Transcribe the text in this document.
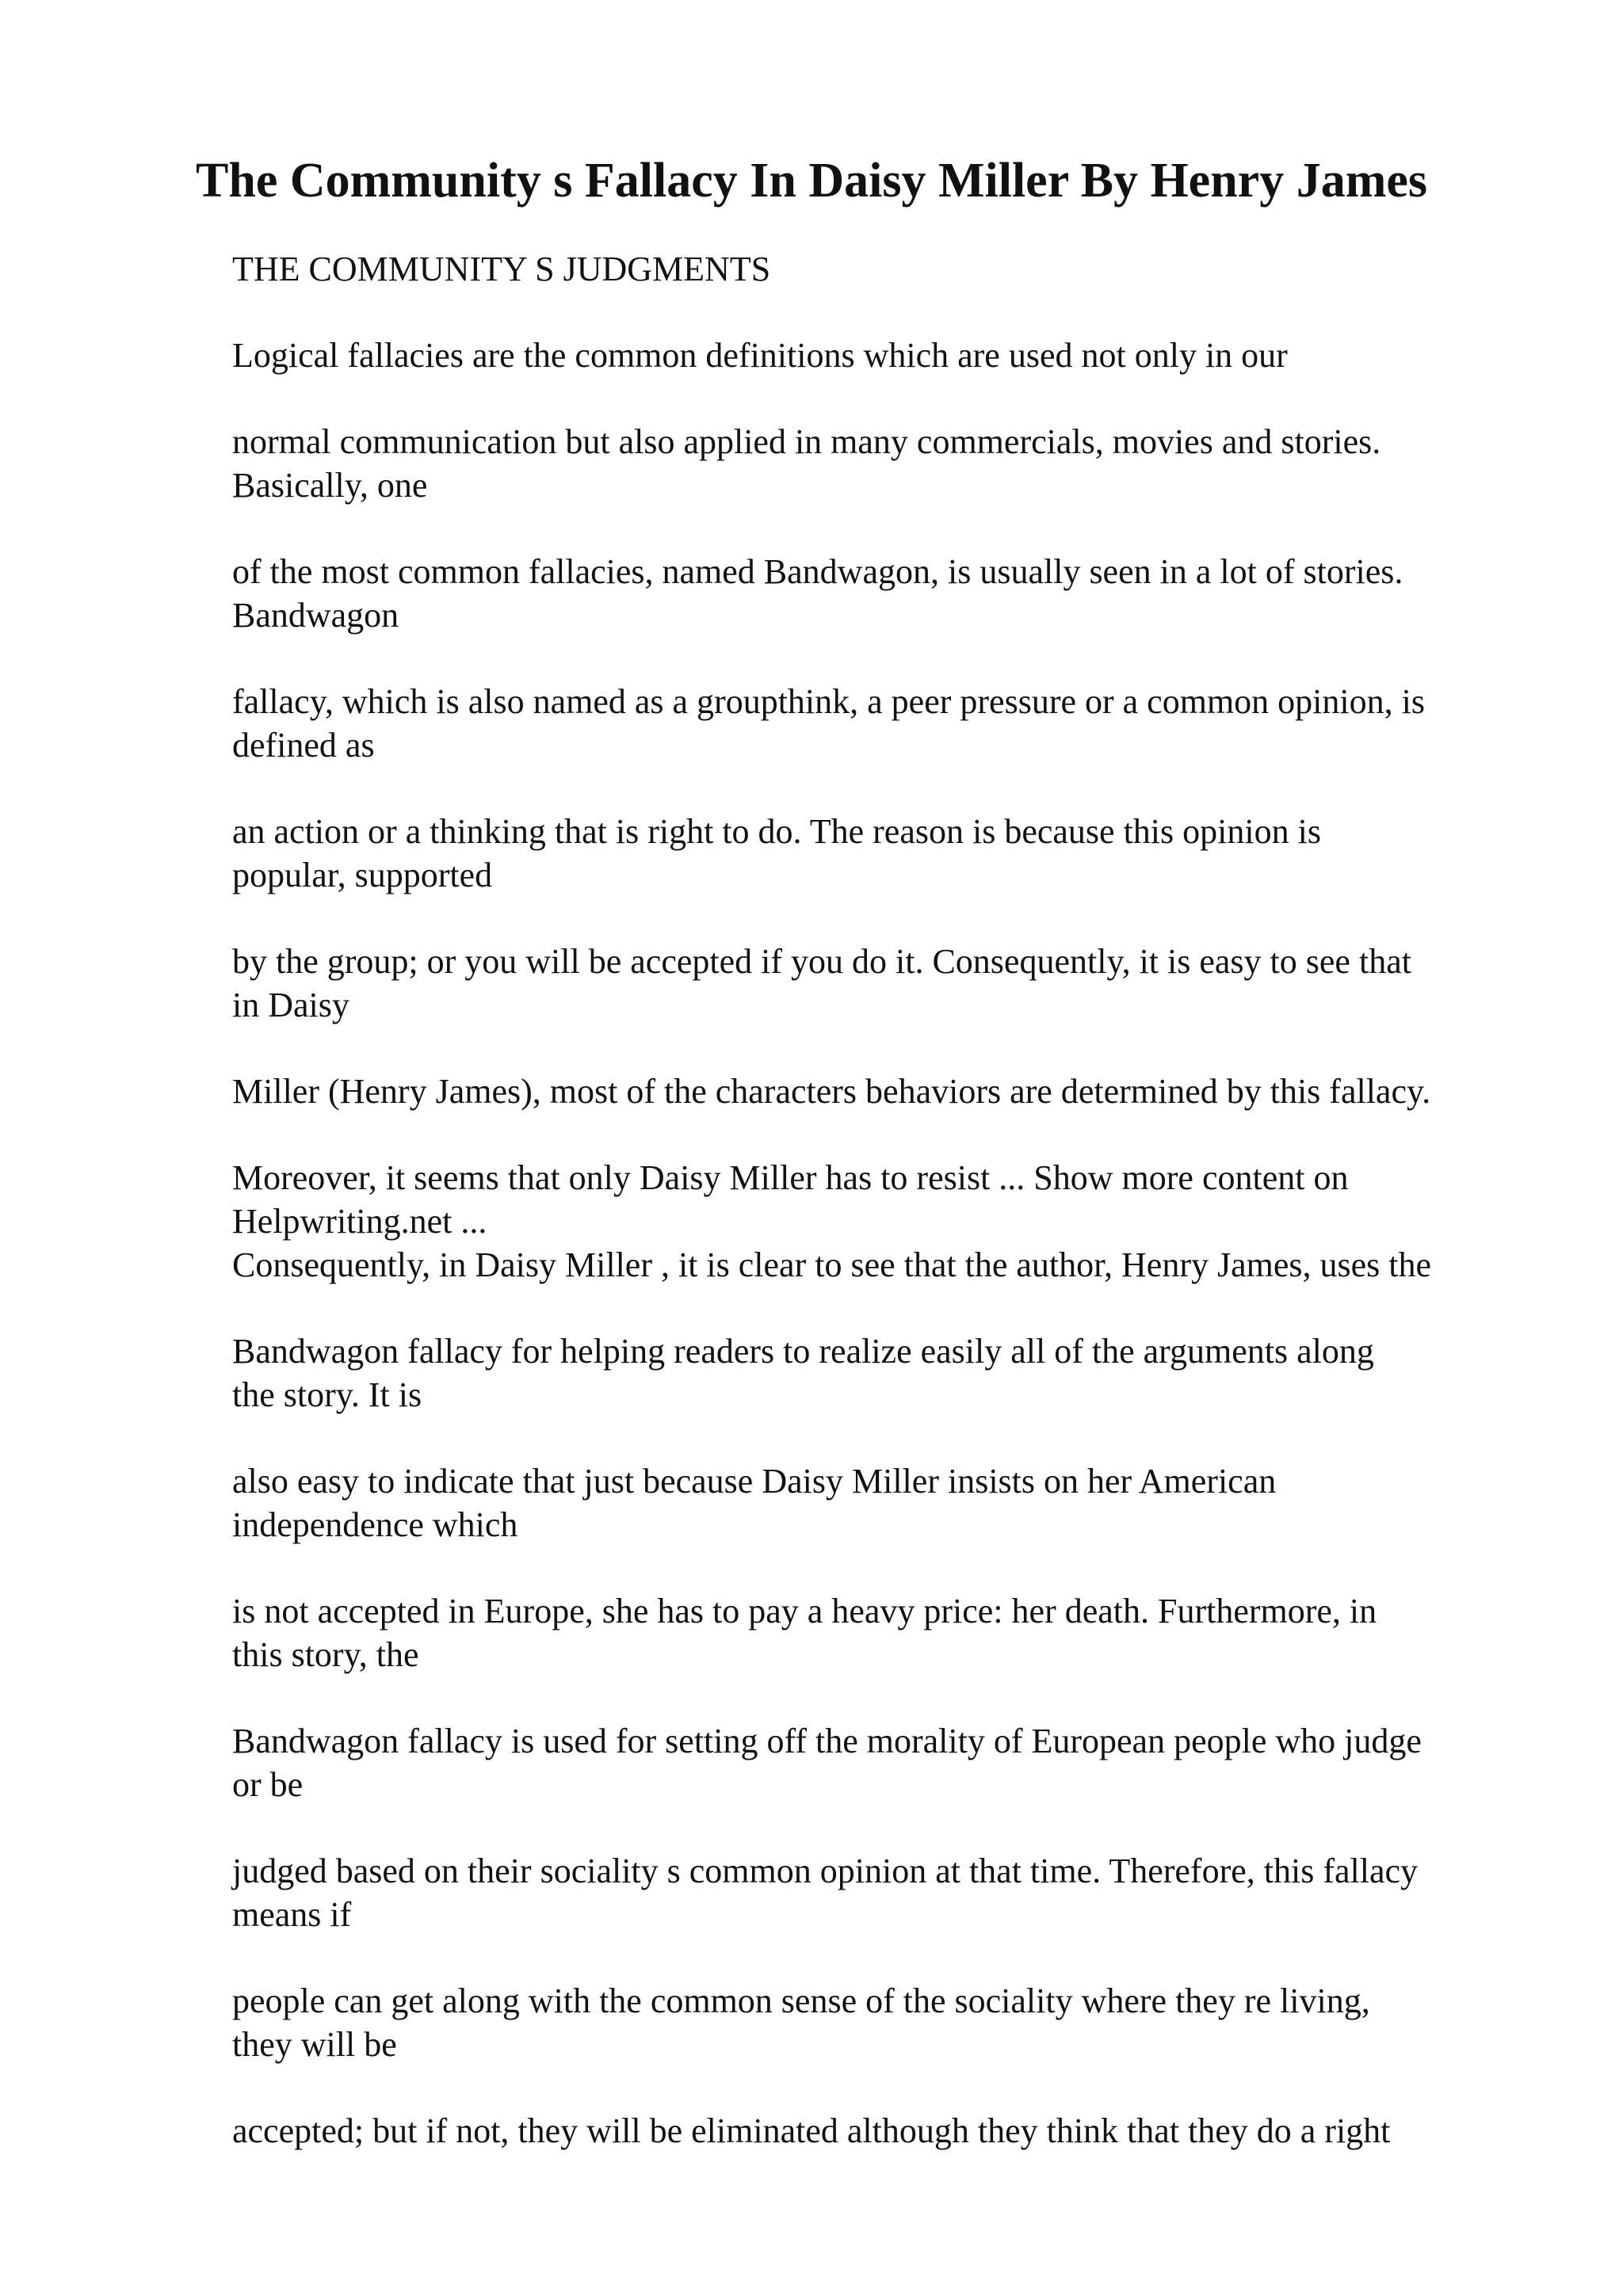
The Community s Fallacy In Daisy Miller By Henry James

THE COMMUNITY S JUDGMENTS

Logical fallacies are the common definitions which are used not only in our

normal communication but also applied in many commercials, movies and stories.
Basically, one

of the most common fallacies, named Bandwagon, is usually seen in a lot of stories.
Bandwagon

fallacy, which is also named as a groupthink, a peer pressure or a common opinion, is
defined as

an action or a thinking that is right to do. The reason is because this opinion is
popular, supported

by the group; or you will be accepted if you do it. Consequently, it is easy to see that
in Daisy

Miller (Henry James), most of the characters behaviors are determined by this fallacy.

Moreover, it seems that only Daisy Miller has to resist ... Show more content on
Helpwriting.net ...

Consequently, in Daisy Miller , it is clear to see that the author, Henry James, uses the

Bandwagon fallacy for helping readers to realize easily all of the arguments along
the story. It is

also easy to indicate that just because Daisy Miller insists on her American
independence which

is not accepted in Europe, she has to pay a heavy price: her death. Furthermore, in
this story, the

Bandwagon fallacy is used for setting off the morality of European people who judge
or be

judged based on their sociality s common opinion at that time. Therefore, this fallacy
means if

people can get along with the common sense of the sociality where they re living,
they will be

accepted; but if not, they will be eliminated although they think that they do a right
